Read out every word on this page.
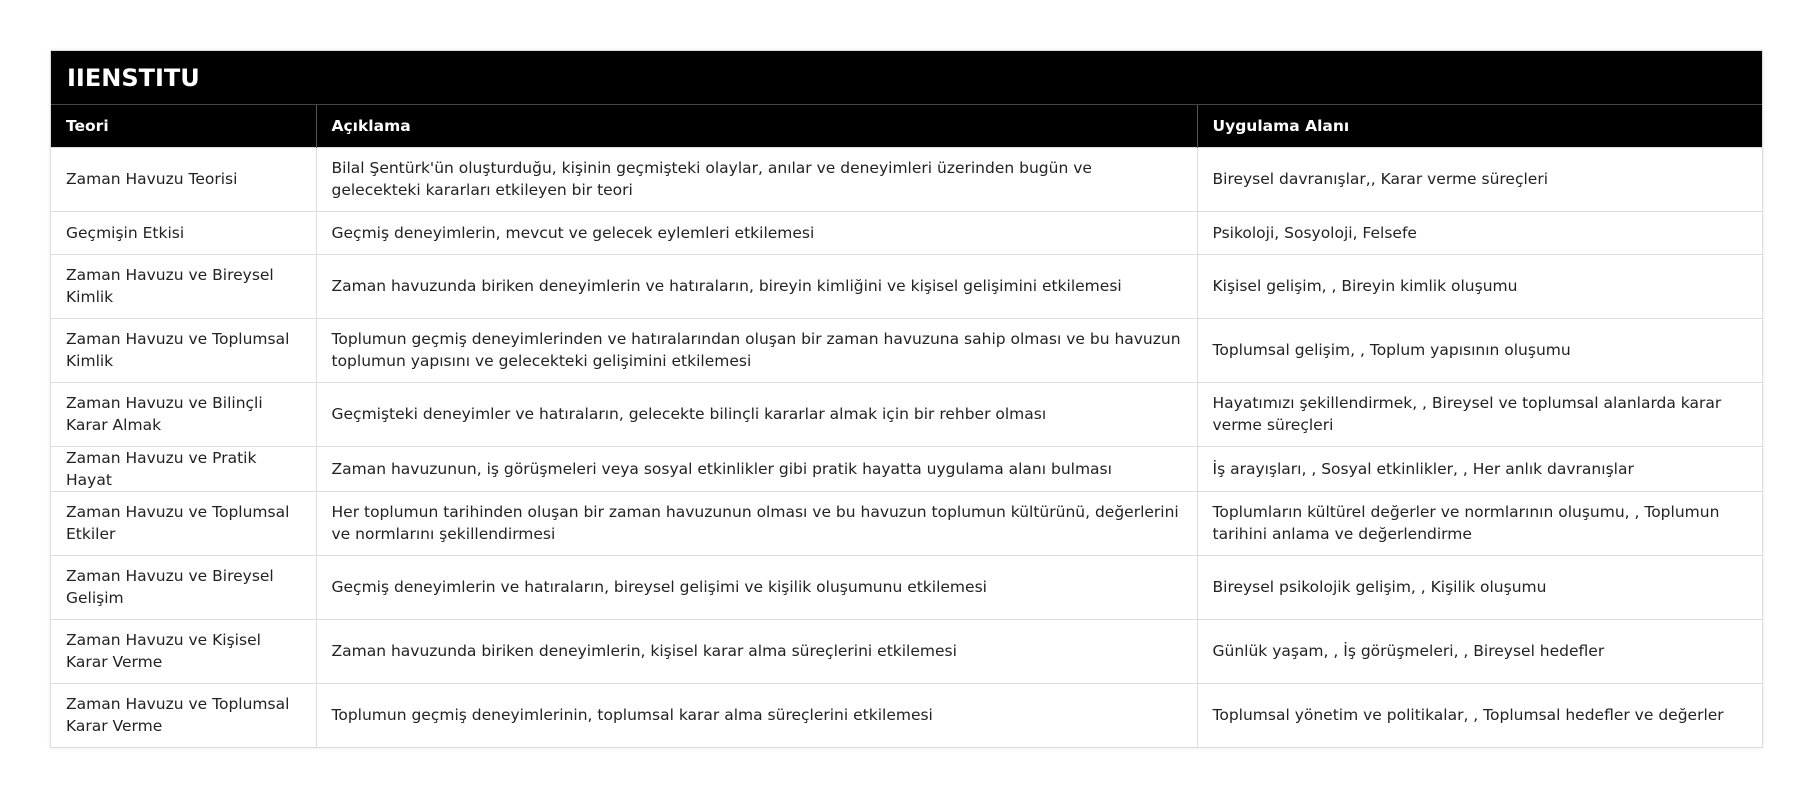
IIENSTITU
Teori	Açıklama	Uygulama Alanı
Zaman Havuzu Teorisi	Bilal Şentürk'ün oluşturduğu, kişinin geçmişteki olaylar, anılar ve deneyimleri üzerinden bugün ve gelecekteki kararları etkileyen bir teori	Bireysel davranışlar,, Karar verme süreçleri
Geçmişin Etkisi	Geçmiş deneyimlerin, mevcut ve gelecek eylemleri etkilemesi	Psikoloji, Sosyoloji, Felsefe
Zaman Havuzu ve Bireysel Kimlik	Zaman havuzunda biriken deneyimlerin ve hatıraların, bireyin kimliğini ve kişisel gelişimini etkilemesi	Kişisel gelişim, , Bireyin kimlik oluşumu
Zaman Havuzu ve Toplumsal Kimlik	Toplumun geçmiş deneyimlerinden ve hatıralarından oluşan bir zaman havuzuna sahip olması ve bu havuzun toplumun yapısını ve gelecekteki gelişimini etkilemesi	Toplumsal gelişim, , Toplum yapısının oluşumu
Zaman Havuzu ve Bilinçli Karar Almak	Geçmişteki deneyimler ve hatıraların, gelecekte bilinçli kararlar almak için bir rehber olması	Hayatımızı şekillendirmek, , Bireysel ve toplumsal alanlarda karar verme süreçleri
Zaman Havuzu ve Pratik Hayat	Zaman havuzunun, iş görüşmeleri veya sosyal etkinlikler gibi pratik hayatta uygulama alanı bulması	İş arayışları, , Sosyal etkinlikler, , Her anlık davranışlar
Zaman Havuzu ve Toplumsal Etkiler	Her toplumun tarihinden oluşan bir zaman havuzunun olması ve bu havuzun toplumun kültürünü, değerlerini ve normlarını şekillendirmesi	Toplumların kültürel değerler ve normlarının oluşumu, , Toplumun tarihini anlama ve değerlendirme
Zaman Havuzu ve Bireysel Gelişim	Geçmiş deneyimlerin ve hatıraların, bireysel gelişimi ve kişilik oluşumunu etkilemesi	Bireysel psikolojik gelişim, , Kişilik oluşumu
Zaman Havuzu ve Kişisel Karar Verme	Zaman havuzunda biriken deneyimlerin, kişisel karar alma süreçlerini etkilemesi	Günlük yaşam, , İş görüşmeleri, , Bireysel hedefler
Zaman Havuzu ve Toplumsal Karar Verme	Toplumun geçmiş deneyimlerinin, toplumsal karar alma süreçlerini etkilemesi	Toplumsal yönetim ve politikalar, , Toplumsal hedefler ve değerler
